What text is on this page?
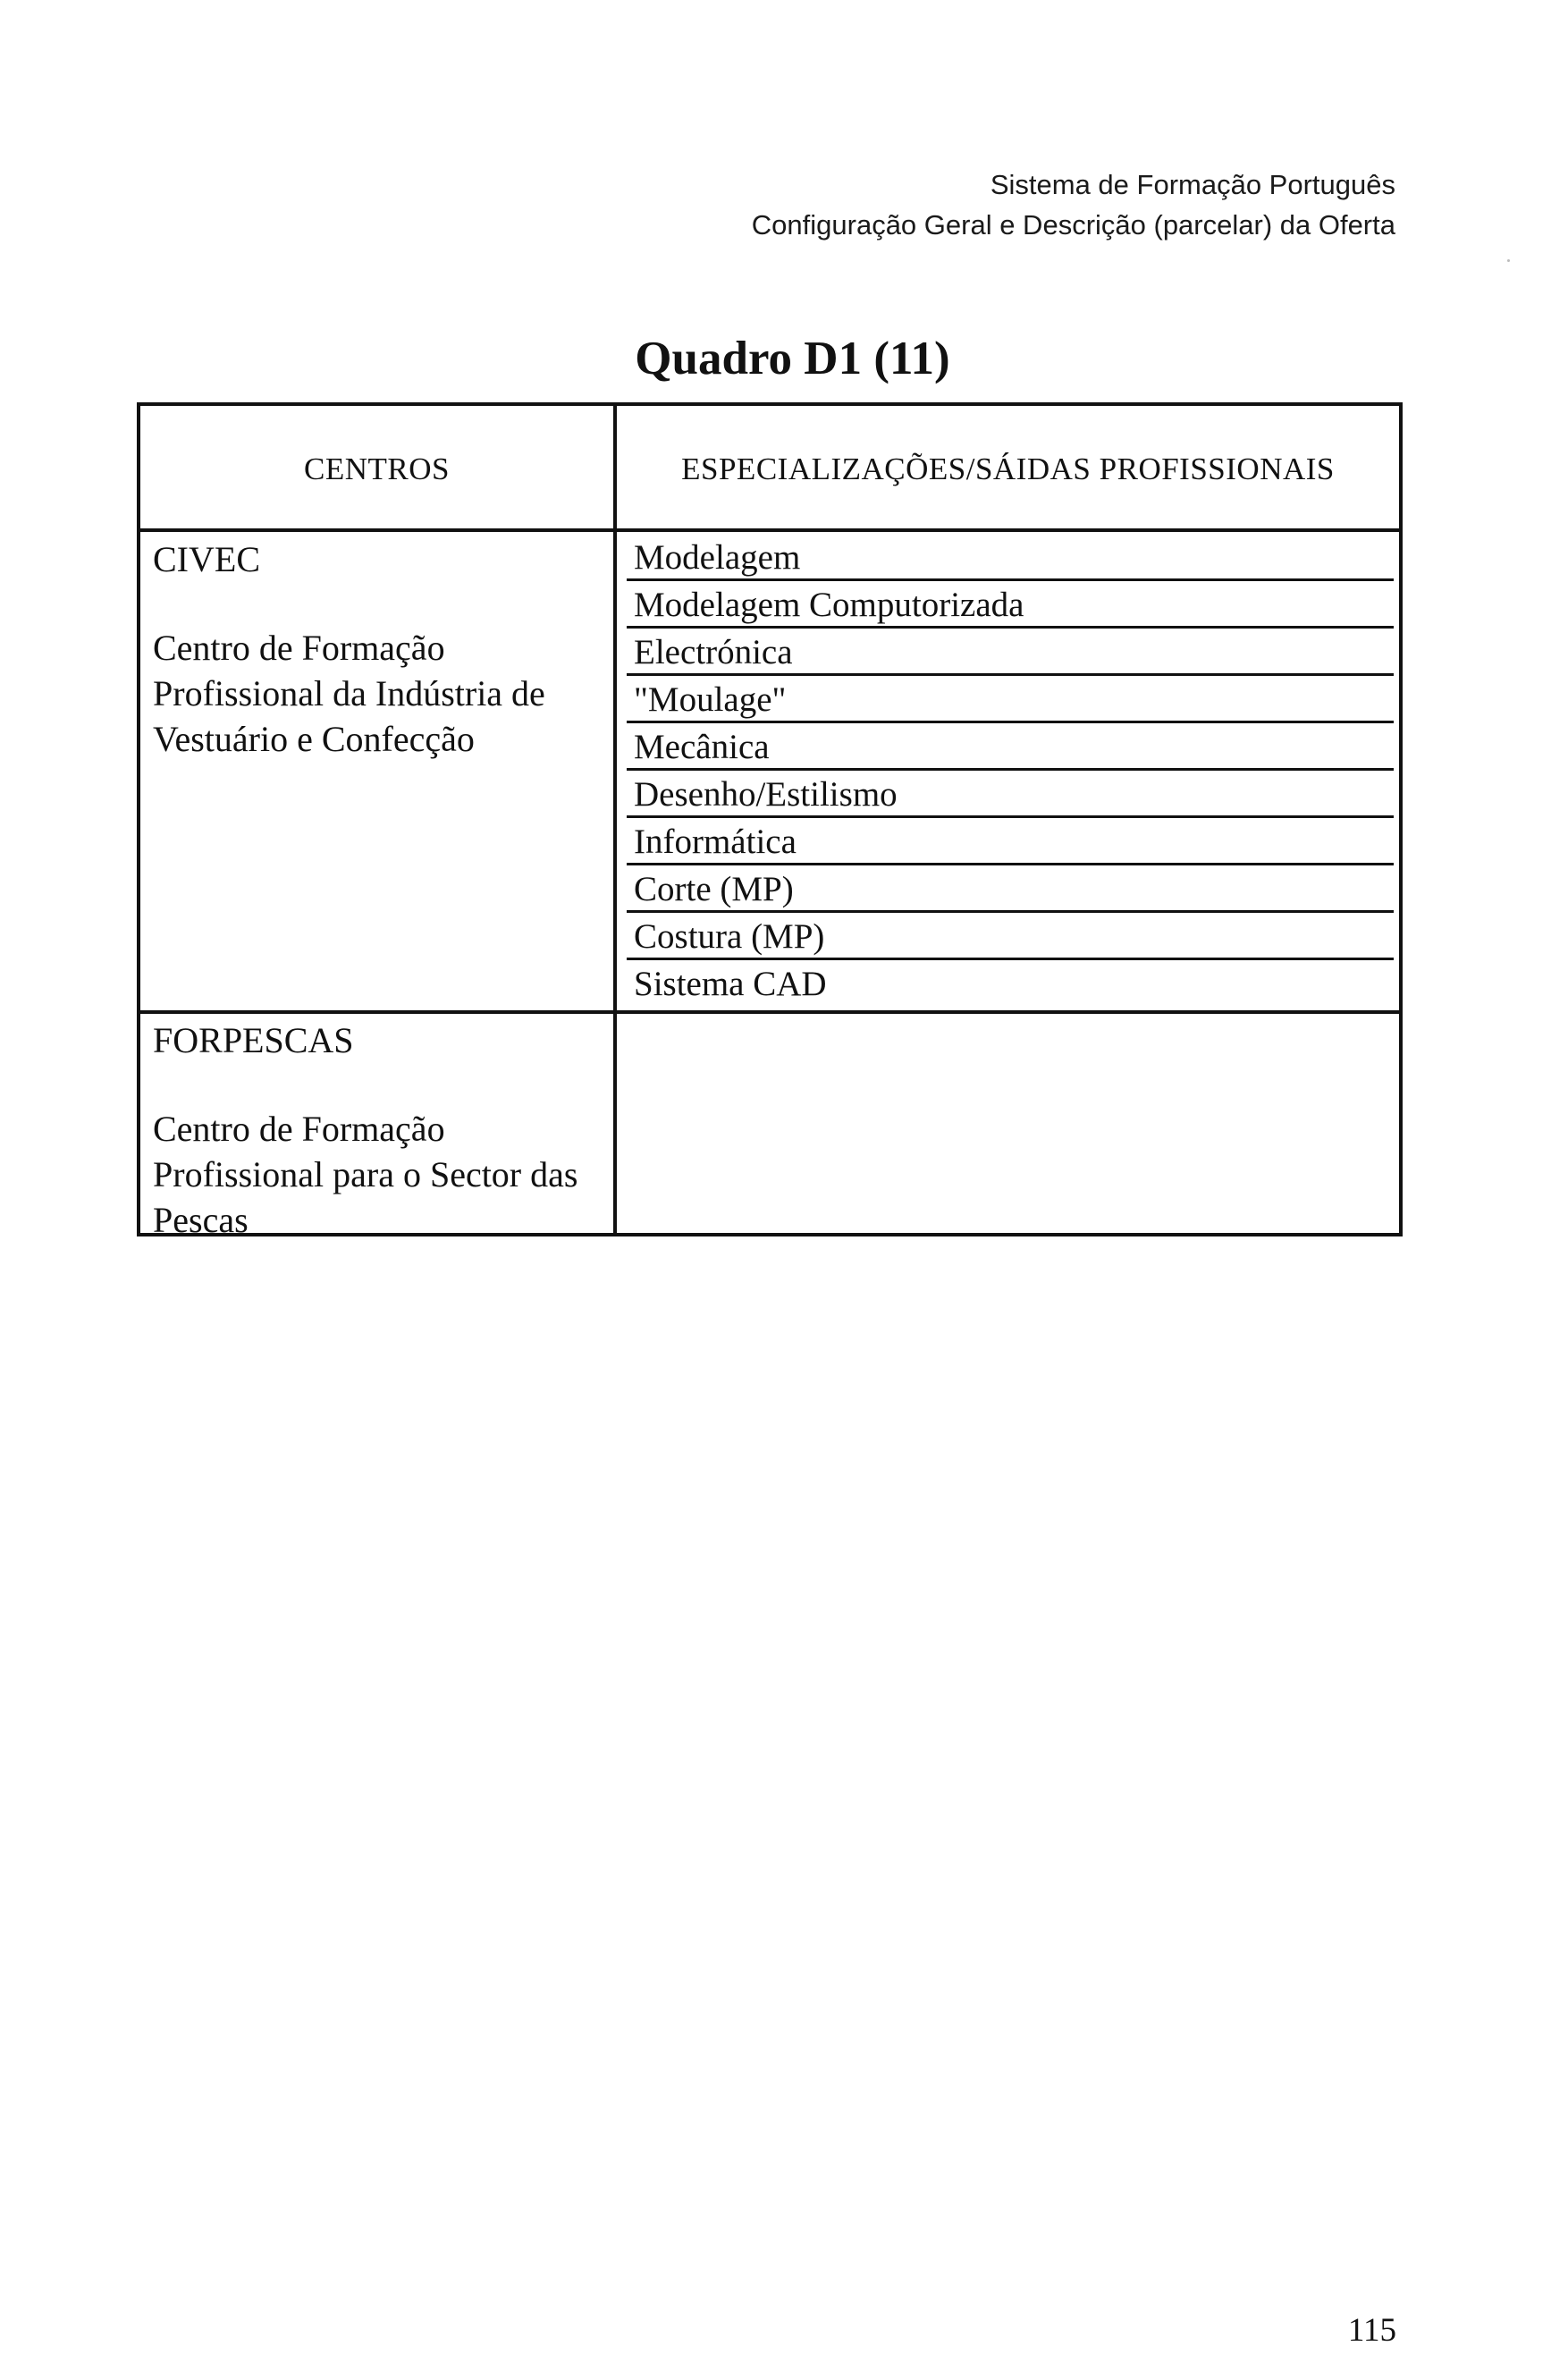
Sistema de Formação Português
Configuração Geral e Descrição (parcelar) da Oferta
Quadro D1 (11)
CENTROS	ESPECIALIZAÇÕES/SÁIDAS PROFISSIONAIS
CIVEC
Centro de Formação Profissional da Indústria de Vestuário e Confecção
Modelagem
Modelagem Computorizada
Electrónica
"Moulage"
Mecânica
Desenho/Estilismo
Informática
Corte (MP)
Costura (MP)
Sistema CAD
FORPESCAS
Centro de Formação Profissional para o Sector das Pescas
115
